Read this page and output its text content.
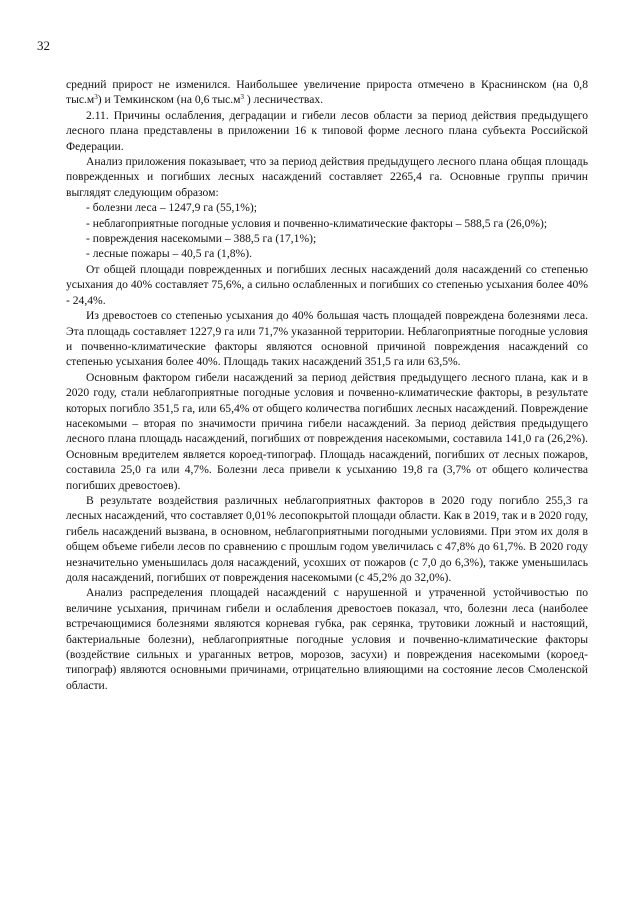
32

средний прирост не изменился. Наибольшее увеличение прироста отмечено в Краснинском (на 0,8 $тыс.м^3$) и Темкинском (на 0,6 $тыс.м^3$ ) лесничествах.

2.11. Причины ослабления, деградации и гибели лесов области за период действия предыдущего лесного плана представлены в приложении 16 к типовой форме лесного плана субъекта Российской Федерации.

Анализ приложения показывает, что за период действия предыдущего лесного плана общая площадь поврежденных и погибших лесных насаждений составляет 2265,4 га. Основные группы причин выглядят следующим образом:

- болезни леса – 1247,9 га (55,1%);

- неблагоприятные погодные условия и почвенно-климатические факторы – 588,5 га (26,0%);

- повреждения насекомыми – 388,5 га (17,1%);

- лесные пожары – 40,5 га (1,8%).

От общей площади поврежденных и погибших лесных насаждений доля насаждений со степенью усыхания до 40% составляет 75,6%, а сильно ослабленных и погибших со степенью усыхания более 40% - 24,4%.

Из древостоев со степенью усыхания до 40% большая часть площадей повреждена болезнями леса. Эта площадь составляет 1227,9 га или 71,7% указанной территории. Неблагоприятные погодные условия и почвенно-климатические факторы являются основной причиной повреждения насаждений со степенью усыхания более 40%. Площадь таких насаждений 351,5 га или 63,5%.

Основным фактором гибели насаждений за период действия предыдущего лесного плана, как и в 2020 году, стали неблагоприятные погодные условия и почвенно-климатические факторы, в результате которых погибло 351,5 га, или 65,4% от общего количества погибших лесных насаждений. Повреждение насекомыми – вторая по значимости причина гибели насаждений. За период действия предыдущего лесного плана площадь насаждений, погибших от повреждения насекомыми, составила 141,0 га (26,2%). Основным вредителем является короед-типограф. Площадь насаждений, погибших от лесных пожаров, составила 25,0 га или 4,7%. Болезни леса привели к усыханию 19,8 га (3,7% от общего количества погибших древостоев).

В результате воздействия различных неблагоприятных факторов в 2020 году погибло 255,3 га лесных насаждений, что составляет 0,01% лесопокрытой площади области. Как в 2019, так и в 2020 году, гибель насаждений вызвана, в основном, неблагоприятными погодными условиями. При этом их доля в общем объеме гибели лесов по сравнению с прошлым годом увеличилась с 47,8% до 61,7%. В 2020 году незначительно уменьшилась доля насаждений, усохших от пожаров (с 7,0 до 6,3%), также уменьшилась доля насаждений, погибших от повреждения насекомыми (с 45,2% до 32,0%).

Анализ распределения площадей насаждений с нарушенной и утраченной устойчивостью по величине усыхания, причинам гибели и ослабления древостоев показал, что, болезни леса (наиболее встречающимися болезнями являются корневая губка, рак серянка, трутовики ложный и настоящий, бактериальные болезни), неблагоприятные погодные условия и почвенно-климатические факторы (воздействие сильных и ураганных ветров, морозов, засухи) и повреждения насекомыми (короед-типограф) являются основными причинами, отрицательно влияющими на состояние лесов Смоленской области.
